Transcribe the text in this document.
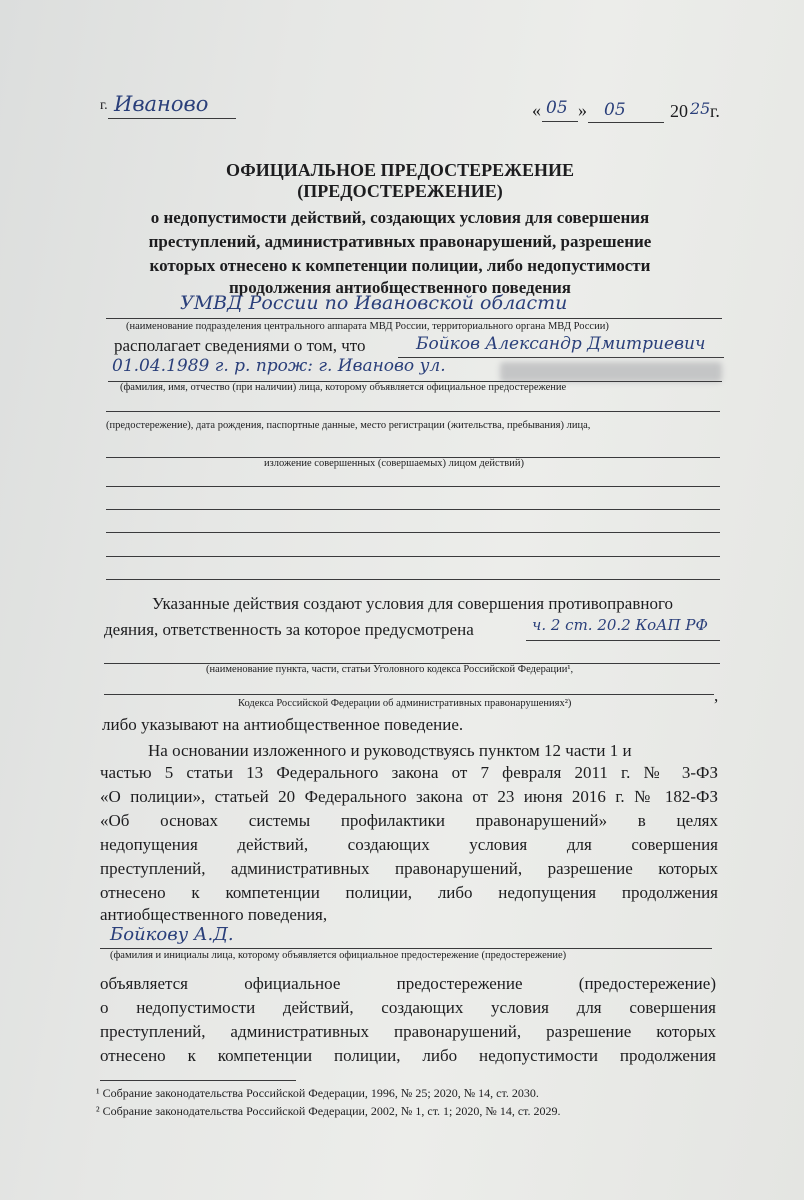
г. Иваново	« 05 » 05 20 25 г.
ОФИЦИАЛЬНОЕ ПРЕДОСТЕРЕЖЕНИЕ
(ПРЕДОСТЕРЕЖЕНИЕ)
о недопустимости действий, создающих условия для совершения
преступлений, административных правонарушений, разрешение
которых отнесено к компетенции полиции, либо недопустимости
продолжения антиобщественного поведения
УМВД России по Ивановской области
(наименование подразделения центрального аппарата МВД России, территориального органа МВД России)
располагает сведениями о том, что	Бойков Александр Дмитриевич
01.04.1989 г. р. прож: г. Иваново ул.
(фамилия, имя, отчество (при наличии) лица, которому объявляется официальное предостережение
(предостережение), дата рождения, паспортные данные, место регистрации (жительства, пребывания) лица,
изложение совершенных (совершаемых) лицом действий)
Указанные действия создают условия для совершения противоправного
деяния, ответственность за которое предусмотрена	ч. 2 ст. 20.2 КоАП РФ
(наименование пункта, части, статьи Уголовного кодекса Российской Федерации¹,
,
Кодекса Российской Федерации об административных правонарушениях²)
либо указывают на антиобщественное поведение.
На основании изложенного и руководствуясь пунктом 12 части 1 и
частью 5 статьи 13 Федерального закона от 7 февраля 2011 г. № 3-ФЗ
«О полиции», статьей 20 Федерального закона от 23 июня 2016 г. № 182-ФЗ
«Об основах системы профилактики правонарушений» в целях
недопущения действий, создающих условия для совершения
преступлений, административных правонарушений, разрешение которых
отнесено к компетенции полиции, либо недопущения продолжения
антиобщественного поведения,
Бойкову А.Д.
(фамилия и инициалы лица, которому объявляется официальное предостережение (предостережение)
объявляется официальное предостережение (предостережение)
о недопустимости действий, создающих условия для совершения
преступлений, административных правонарушений, разрешение которых
отнесено к компетенции полиции, либо недопустимости продолжения
¹ Собрание законодательства Российской Федерации, 1996, № 25; 2020, № 14, ст. 2030.
² Собрание законодательства Российской Федерации, 2002, № 1, ст. 1; 2020, № 14, ст. 2029.
